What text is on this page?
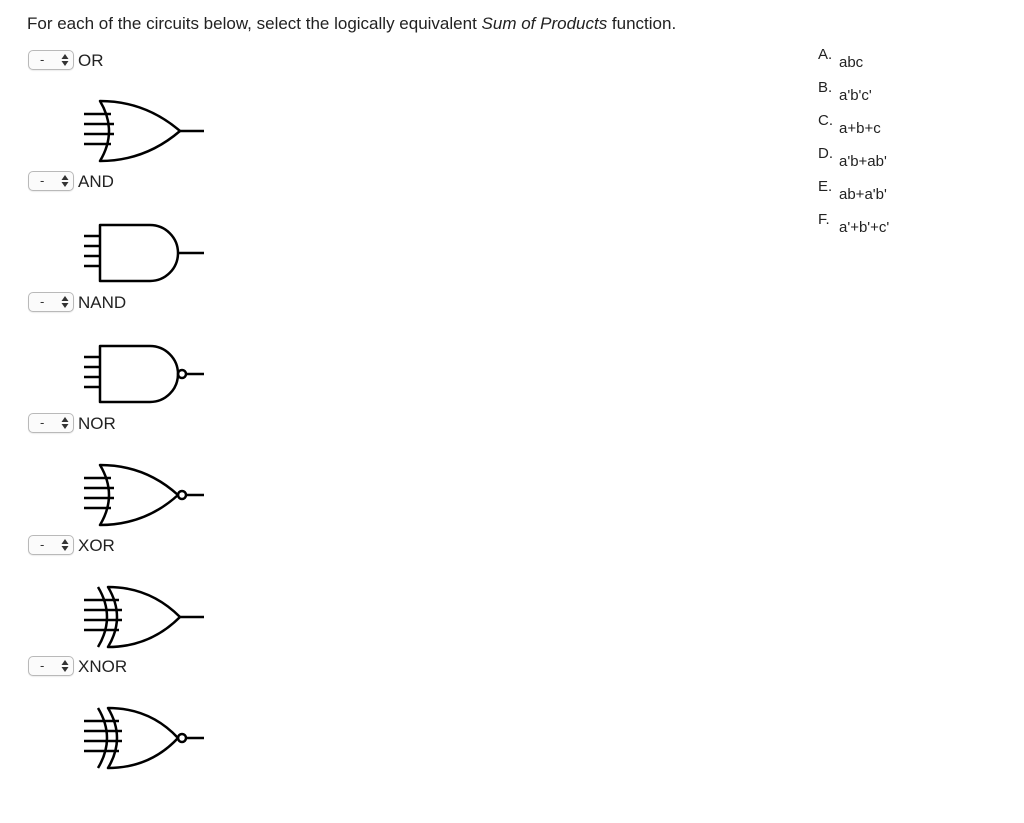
For each of the circuits below, select the logically equivalent Sum of Products function.
- OR
- AND
- NAND
- NOR
- XOR
- XNOR
A. abc
B. a'b'c'
C. a+b+c
D. a'b+ab'
E. ab+a'b'
F. a'+b'+c'
